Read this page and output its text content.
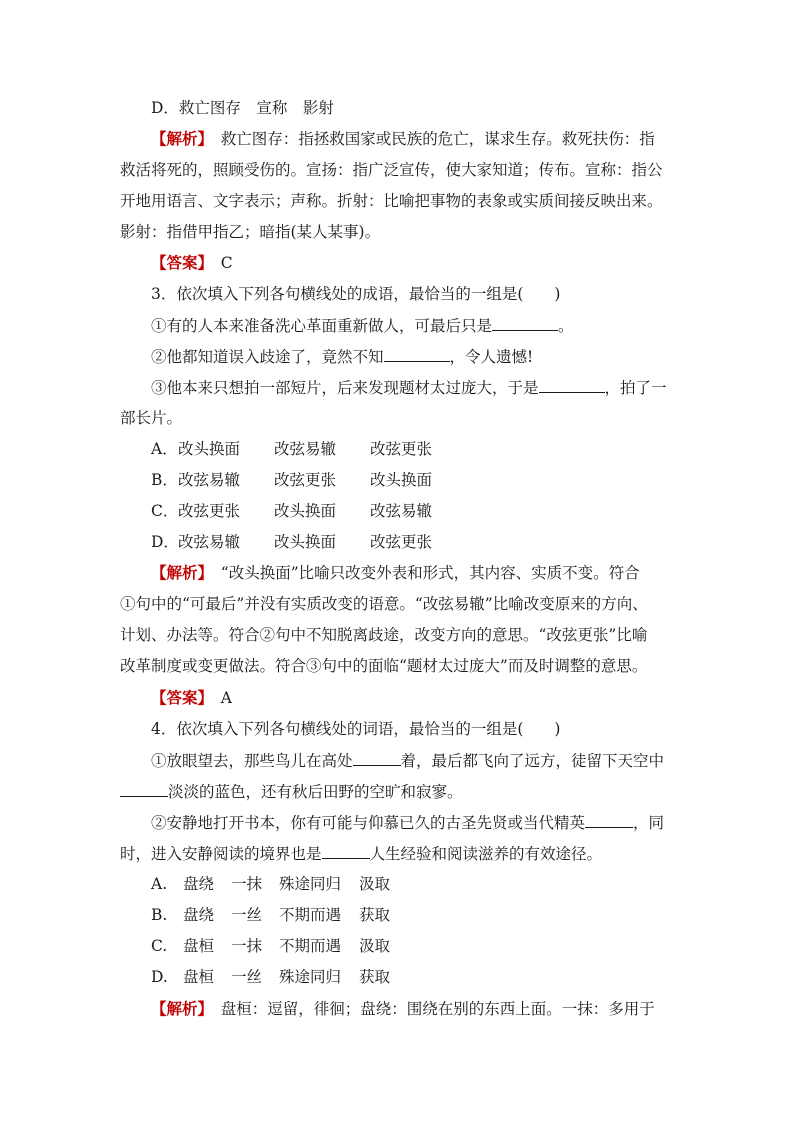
D．救亡图存　宣称　影射
【解析】　 救亡图存：指拯救国家或民族的危亡，谋求生存。救死扶伤：指
救活将死的，照顾受伤的。宣扬：指广泛宣传，使大家知道；传布。宣称：指公
开地用语言、文字表示；声称。折射：比喻把事物的表象或实质间接反映出来。
影射：指借甲指乙；暗指(某人某事)。
【答案】　 C
3．依次填入下列各句横线处的成语，最恰当的一组是(　　)
①有的人本来准备洗心革面重新做人，可最后只是	。
②他都知道误入歧途了，竟然不知	，令人遗憾!
③他本来只想拍一部短片，后来发现题材太过庞大，于是	，拍了一
部长片。
A．改头换面 改弦易辙 改弦更张
B．改弦易辙 改弦更张 改头换面
C．改弦更张 改头换面 改弦易辙
D．改弦易辙 改头换面 改弦更张
【解析】　 “改头换面”比喻只改变外表和形式，其内容、实质不变。符合
①句中的“可最后”并没有实质改变的语意。“改弦易辙”比喻改变原来的方向、
计划、办法等。符合②句中不知脱离歧途，改变方向的意思。“改弦更张”比喻
改革制度或变更做法。符合③句中的面临“题材太过庞大”而及时调整的意思。
【答案】　 A
4．依次填入下列各句横线处的词语，最恰当的一组是(　　)
①放眼望去，那些鸟儿在高处	着，最后都飞向了远方，徒留下天空中
淡淡的蓝色，还有秋后田野的空旷和寂寥。
②安静地打开书本，你有可能与仰慕已久的古圣先贤或当代精英	，同
时，进入安静阅读的境界也是	人生经验和阅读滋养的有效途径。
A. 盘绕 一抹 殊途同归 汲取
B. 盘绕 一丝 不期而遇 获取
C. 盘桓 一抹 不期而遇 汲取
D. 盘桓 一丝 殊途同归 获取
【解析】　 盘桓：逗留，徘徊；盘绕：围绕在别的东西上面。一抹：多用于
